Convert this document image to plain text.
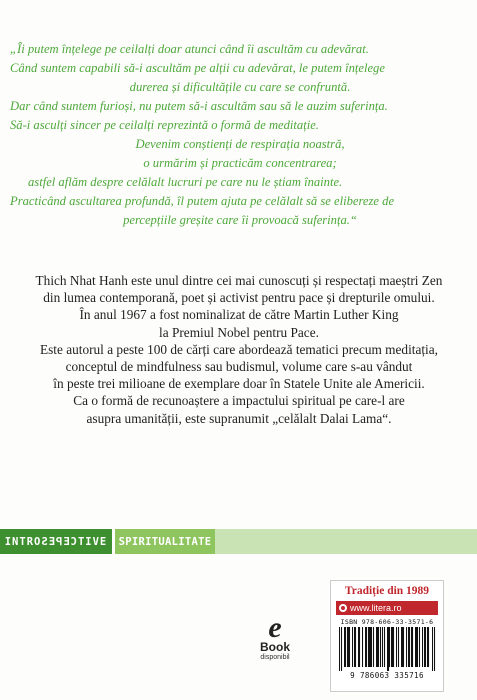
„Îi putem înțelege pe ceilalți doar atunci când îi ascultăm cu adevărat.
Când suntem capabili să-i ascultăm pe alții cu adevărat, le putem înțelege
durerea și dificultățile cu care se confruntă.
Dar când suntem furioși, nu putem să-i ascultăm sau să le auzim suferința.
Să-i asculți sincer pe ceilalți reprezintă o formă de meditație.
Devenim conștienți de respirația noastră,
o urmărim și practicăm concentrarea;
astfel aflăm despre celălalt lucruri pe care nu le știam înainte.
Practicând ascultarea profundă, îl putem ajuta pe celălalt să se elibereze de
percepțiile greșite care îi provoacă suferința.“
Thich Nhat Hanh este unul dintre cei mai cunoscuți și respectați maeștri Zen
din lumea contemporană, poet și activist pentru pace și drepturile omului.
În anul 1967 a fost nominalizat de către Martin Luther King
la Premiul Nobel pentru Pace.
Este autorul a peste 100 de cărți care abordează tematici precum meditația,
conceptul de mindfulness sau budismul, volume care s-au vândut
în peste trei milioane de exemplare doar în Statele Unite ale Americii.
Ca o formă de recunoaștere a impactului spiritual pe care-l are
asupra umanității, este supranumit „celălalt Dalai Lama“.
INTROƧƎꟼƎƆTIVE SPIRITUALITATE
e
Book
disponibil
Tradiție din 1989
www.litera.ro
ISBN 978-606-33-3571-6
9 786063 335716
